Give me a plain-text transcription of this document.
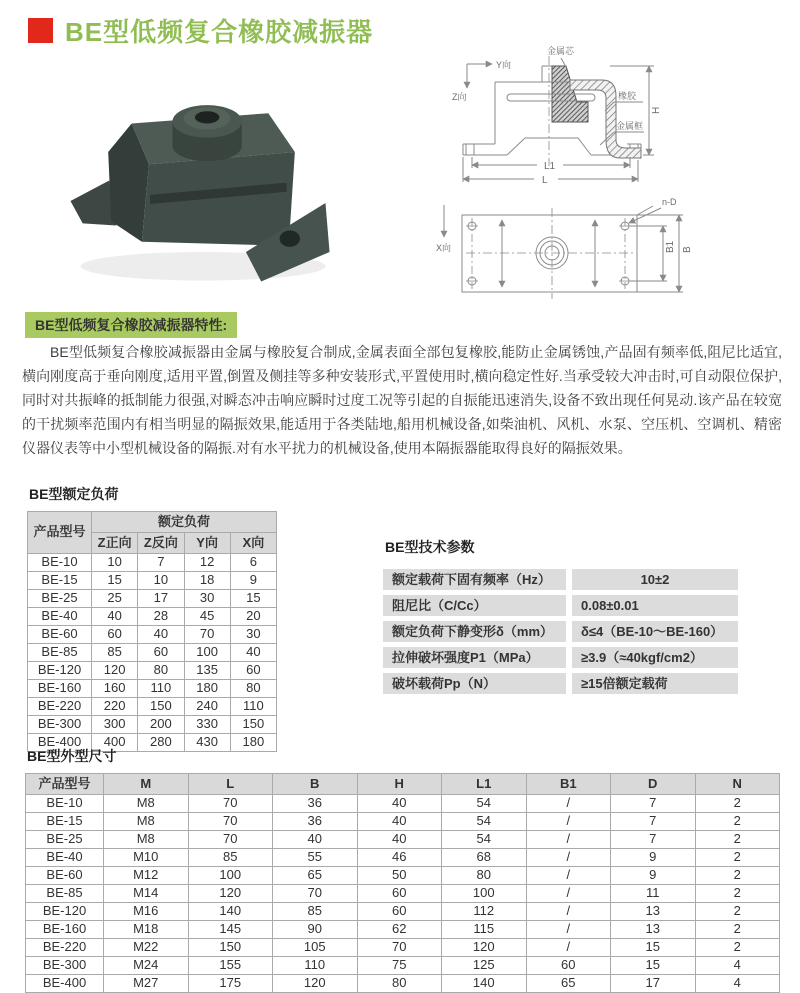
BE型低频复合橡胶减振器
Y向
Z向
金属芯
橡胶
金属框
H
L1
L
X向
n-D
B1 B
BE型低频复合橡胶减振器特性:

BE型低频复合橡胶减振器由金属与橡胶复合制成,金属表面全部包复橡胶,能防止金属锈蚀,产品固有频率低,阻尼比适宜,横向刚度高于垂向刚度,适用平置,倒置及侧挂等多种安装形式,平置使用时,横向稳定性好.当承受较大冲击时,可自动限位保护,同时对共振峰的抵制能力很强,对瞬态冲击响应瞬时过度工况等引起的自振能迅速消失,设备不致出现任何晃动.该产品在较宽的干扰频率范围内有相当明显的隔振效果,能适用于各类陆地,船用机械设备,如柴油机、风机、水泵、空压机、空调机、精密仪器仪表等中小型机械设备的隔振.对有水平扰力的机械设备,使用本隔振器能取得良好的隔振效果。

BE型额定负荷
产品型号	额定负荷			
	Z正向	Z反向	Y向	X向
BE-10	10	7	12	6
BE-15	15	10	18	9
BE-25	25	17	30	15
BE-40	40	28	45	20
BE-60	60	40	70	30
BE-85	85	60	100	40
BE-120	120	80	135	60
BE-160	160	110	180	80
BE-220	220	150	240	110
BE-300	300	200	330	150
BE-400	400	280	430	180
BE型技术参数
额定载荷下固有频率（Hz）	10±2
阻尼比（C/Cc）	0.08±0.01
额定负荷下静变形δ（mm）	δ≤4（BE-10～BE-160）
拉伸破坏强度P1（MPa）	≥3.9（≈40kgf/cm2）
破坏载荷Pp（N）	≥15倍额定载荷
BE型外型尺寸
产品型号	M	L	B	H	L1	B1	D	N
BE-10	M8	70	36	40	54	/	7	2
BE-15	M8	70	36	40	54	/	7	2
BE-25	M8	70	40	40	54	/	7	2
BE-40	M10	85	55	46	68	/	9	2
BE-60	M12	100	65	50	80	/	9	2
BE-85	M14	120	70	60	100	/	11	2
BE-120	M16	140	85	60	112	/	13	2
BE-160	M18	145	90	62	115	/	13	2
BE-220	M22	150	105	70	120	/	15	2
BE-300	M24	155	110	75	125	60	15	4
BE-400	M27	175	120	80	140	65	17	4
